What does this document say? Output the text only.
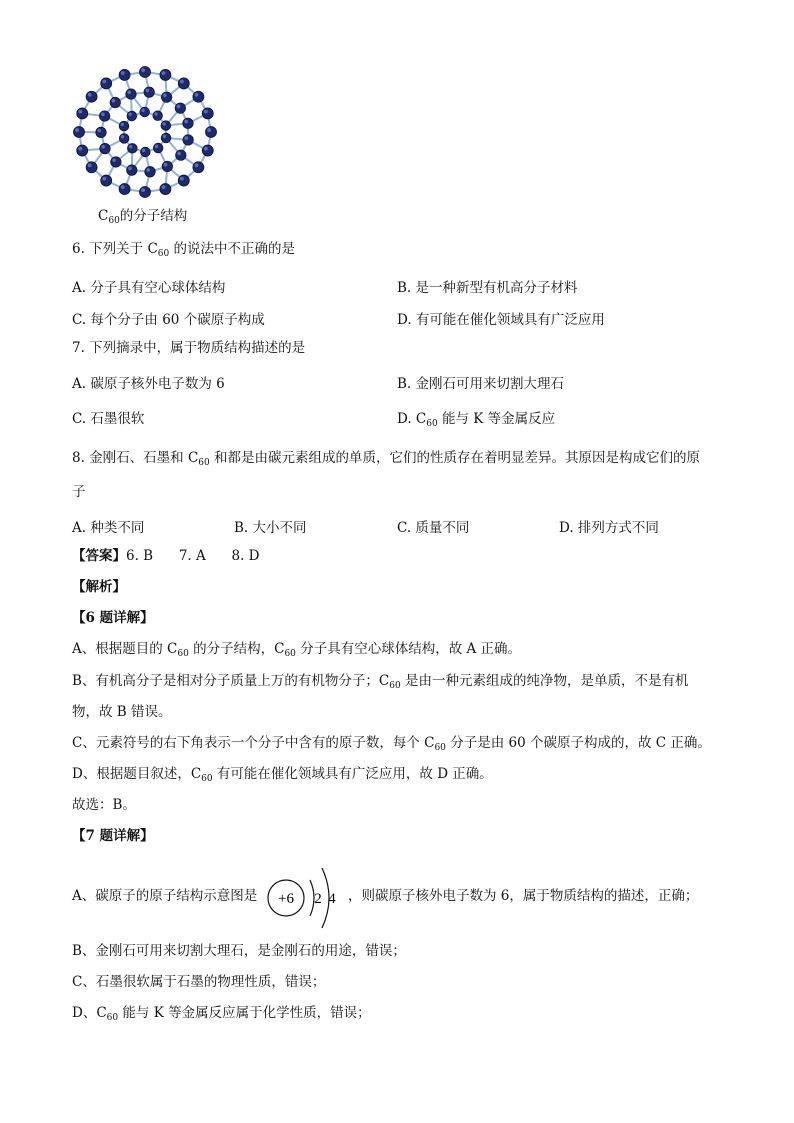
$C_{60}$的分子结构
6. 下列关于 $C_{60}$ 的说法中不正确的是
A. 分子具有空心球体结构	B. 是一种新型有机高分子材料
C. 每个分子由 60 个碳原子构成	D. 有可能在催化领域具有广泛应用
7. 下列摘录中，属于物质结构描述的是
A. 碳原子核外电子数为 6	B. 金刚石可用来切割大理石
C. 石墨很软	D. $C_{60}$ 能与 K 等金属反应
8. 金刚石、石墨和 $C_{60}$ 和都是由碳元素组成的单质，它们的性质存在着明显差异。其原因是构成它们的原
子
A. 种类不同	B. 大小不同	C. 质量不同	D. 排列方式不同
【答案】6. B      7. A      8. D
【解析】
【6 题详解】
A、根据题目的 $C_{60}$ 的分子结构，$C_{60}$ 分子具有空心球体结构，故 A 正确。
B、有机高分子是相对分子质量上万的有机物分子；$C_{60}$ 是由一种元素组成的纯净物，是单质，不是有机
物，故 B 错误。
C、元素符号的右下角表示一个分子中含有的原子数，每个 $C_{60}$ 分子是由 60 个碳原子构成的，故 C 正确。
D、根据题目叙述，$C_{60}$ 有可能在催化领域具有广泛应用，故 D 正确。
故选：B。
【7 题详解】
A、碳原子的原子结构示意图是 +6 2 4 ，则碳原子核外电子数为 6，属于物质结构的描述，正确；
B、金刚石可用来切割大理石，是金刚石的用途，错误；
C、石墨很软属于石墨的物理性质，错误；
D、$C_{60}$ 能与 K 等金属反应属于化学性质，错误；
